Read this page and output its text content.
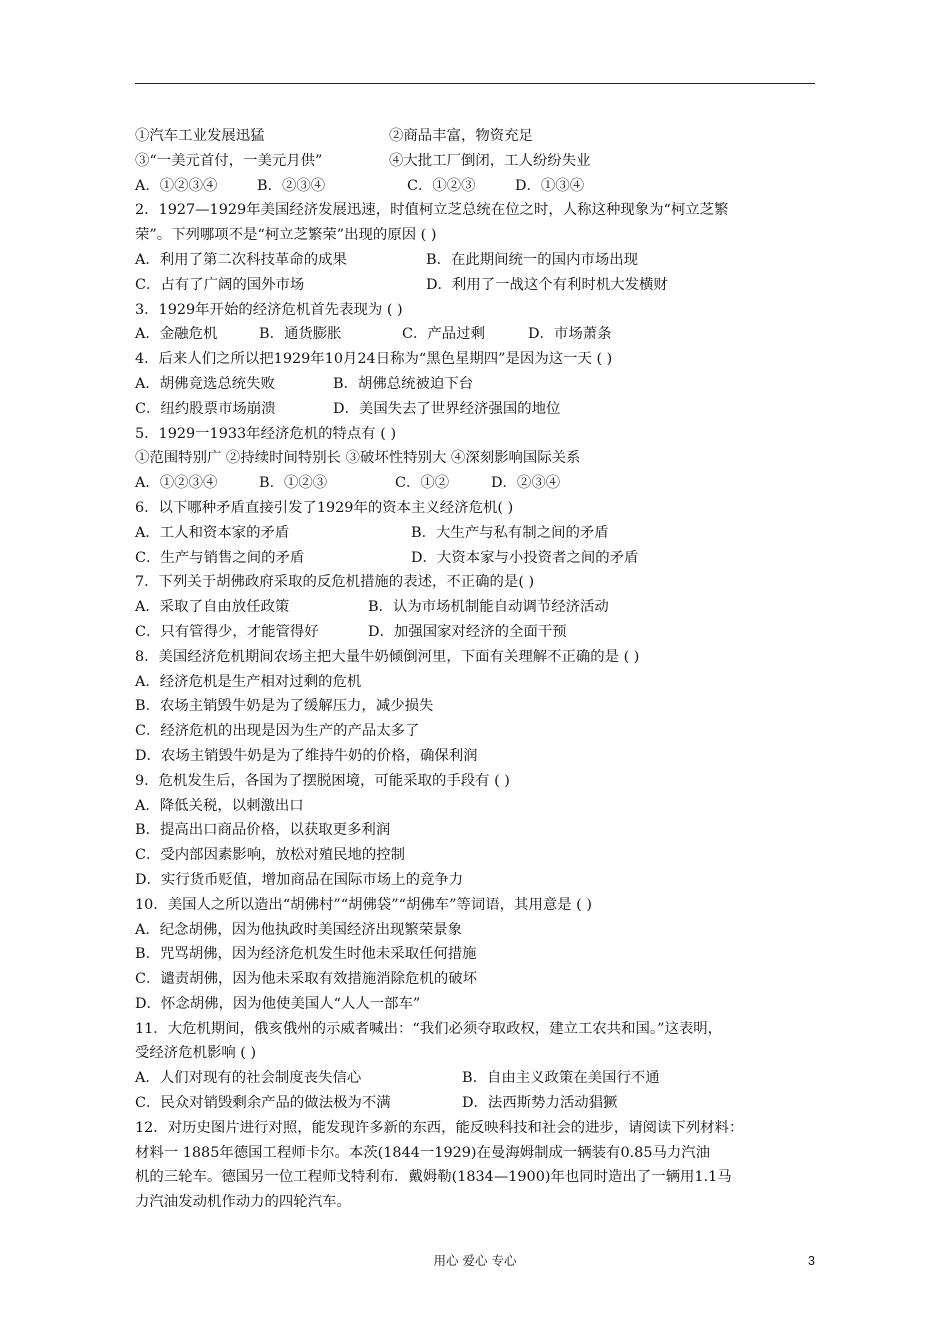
①汽车工业发展迅猛	②商品丰富，物资充足
③“一美元首付，一美元月供”	④大批工厂倒闭，工人纷纷失业
A．①②③④	B．②③④	C．①②③	D．①③④
2．1927—1929年美国经济发展迅速，时值柯立芝总统在位之时，人称这种现象为“柯立芝繁
荣”。下列哪项不是“柯立芝繁荣”出现的原因 ( )
A．利用了第二次科技革命的成果	B．在此期间统一的国内市场出现
C．占有了广阔的国外市场	D．利用了一战这个有利时机大发横财
3．1929年开始的经济危机首先表现为 ( )
A．金融危机	B．通货膨胀	C．产品过剩	D．市场萧条
4．后来人们之所以把1929年10月24日称为“黑色星期四”是因为这一天 ( )
A．胡佛竞选总统失败	B．胡佛总统被迫下台
C．纽约股票市场崩溃	D．美国失去了世界经济强国的地位
5．1929一1933年经济危机的特点有 ( )
①范围特别广 ②持续时间特别长 ③破坏性特别大 ④深刻影响国际关系
A．①②③④	B．①②③	C．①②	D．②③④
6．以下哪种矛盾直接引发了1929年的资本主义经济危机( )
A．工人和资本家的矛盾	B．大生产与私有制之间的矛盾
C．生产与销售之间的矛盾	D．大资本家与小投资者之间的矛盾
7．下列关于胡佛政府采取的反危机措施的表述，不正确的是( )
A．采取了自由放任政策	B．认为市场机制能自动调节经济活动
C．只有管得少，才能管得好	D．加强国家对经济的全面干预
8．美国经济危机期间农场主把大量牛奶倾倒河里，下面有关理解不正确的是 ( )
A．经济危机是生产相对过剩的危机
B．农场主销毁牛奶是为了缓解压力，减少损失
C．经济危机的出现是因为生产的产品太多了
D．农场主销毁牛奶是为了维持牛奶的价格，确保利润
9．危机发生后，各国为了摆脱困境，可能采取的手段有 ( )
A．降低关税，以刺激出口
B．提高出口商品价格，以获取更多利润
C．受内部因素影响，放松对殖民地的控制
D．实行货币贬值，增加商品在国际市场上的竞争力
10．美国人之所以造出“胡佛村”“胡佛袋”“胡佛车”等词语，其用意是 ( )
A．纪念胡佛，因为他执政时美国经济出现繁荣景象
B．咒骂胡佛，因为经济危机发生时他未采取任何措施
C．谴责胡佛，因为他未采取有效措施消除危机的破坏
D．怀念胡佛，因为他使美国人“人人一部车”
11．大危机期间，俄亥俄州的示威者喊出：“我们必须夺取政权，建立工农共和国。”这表明，
受经济危机影响 ( )
A．人们对现有的社会制度丧失信心	B．自由主义政策在美国行不通
C．民众对销毁剩余产品的做法极为不满	D．法西斯势力活动猖獗
12．对历史图片进行对照，能发现许多新的东西，能反映科技和社会的进步，请阅读下列材料：
材料一 1885年德国工程师卡尔。本茨(1844一1929)在曼海姆制成一辆装有0.85马力汽油
机的三轮车。德国另一位工程师戈特利布．戴姆勒(1834—1900)年也同时造出了一辆用1.1马
力汽油发动机作动力的四轮汽车。
用心 爱心 专心	3
